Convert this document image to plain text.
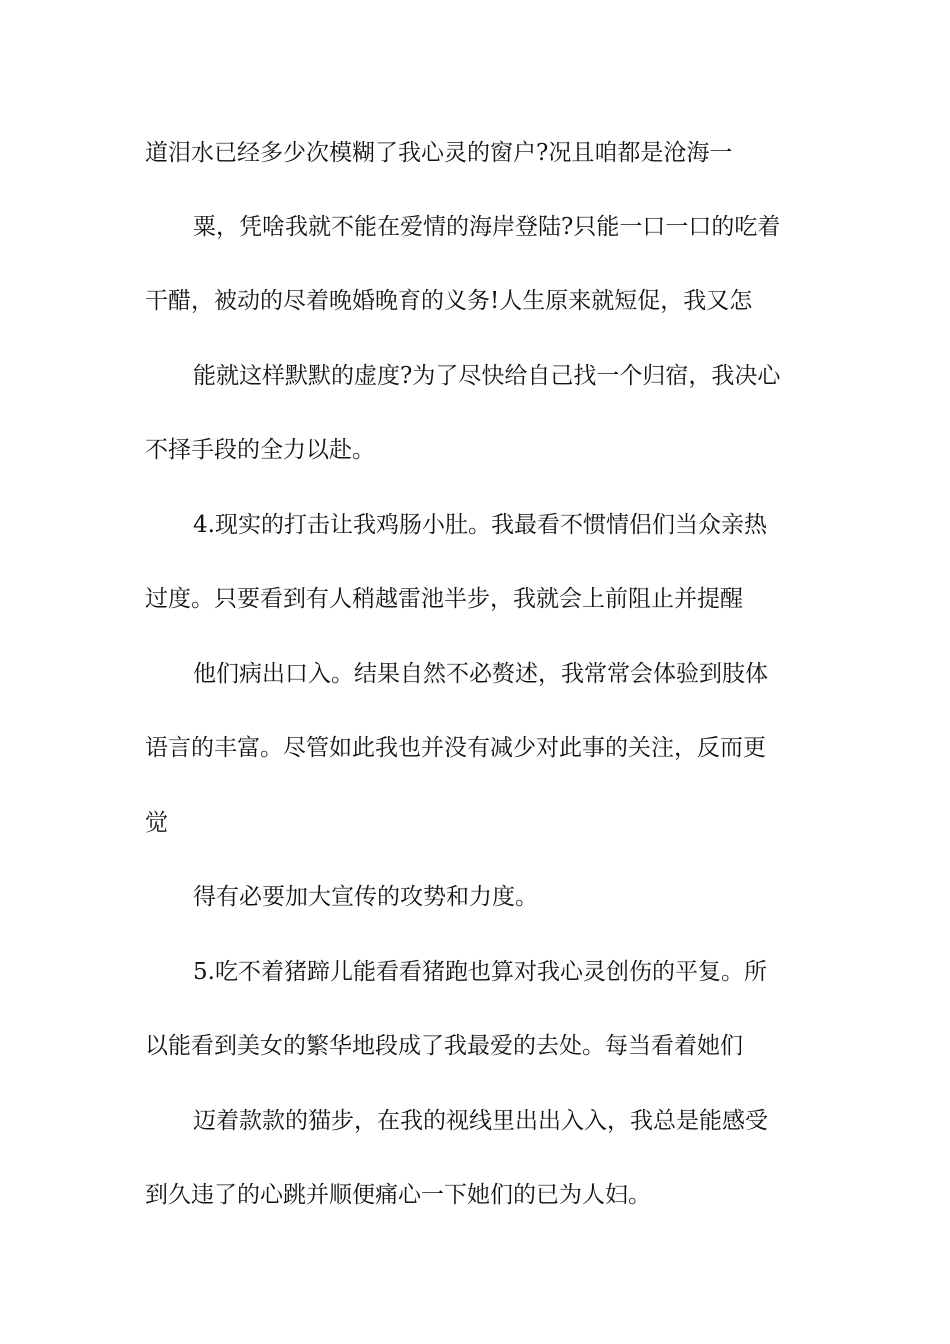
道泪水已经多少次模糊了我心灵的窗户?况且咱都是沧海一

粟，凭啥我就不能在爱情的海岸登陆?只能一口一口的吃着

干醋，被动的尽着晚婚晚育的义务!人生原来就短促，我又怎

能就这样默默的虚度?为了尽快给自己找一个归宿，我决心

不择手段的全力以赴。

4.现实的打击让我鸡肠小肚。我最看不惯情侣们当众亲热

过度。只要看到有人稍越雷池半步，我就会上前阻止并提醒

他们病出口入。结果自然不必赘述，我常常会体验到肢体

语言的丰富。尽管如此我也并没有减少对此事的关注，反而更

觉

得有必要加大宣传的攻势和力度。

5.吃不着猪蹄儿能看看猪跑也算对我心灵创伤的平复。所

以能看到美女的繁华地段成了我最爱的去处。每当看着她们

迈着款款的猫步，在我的视线里出出入入，我总是能感受

到久违了的心跳并顺便痛心一下她们的已为人妇。
